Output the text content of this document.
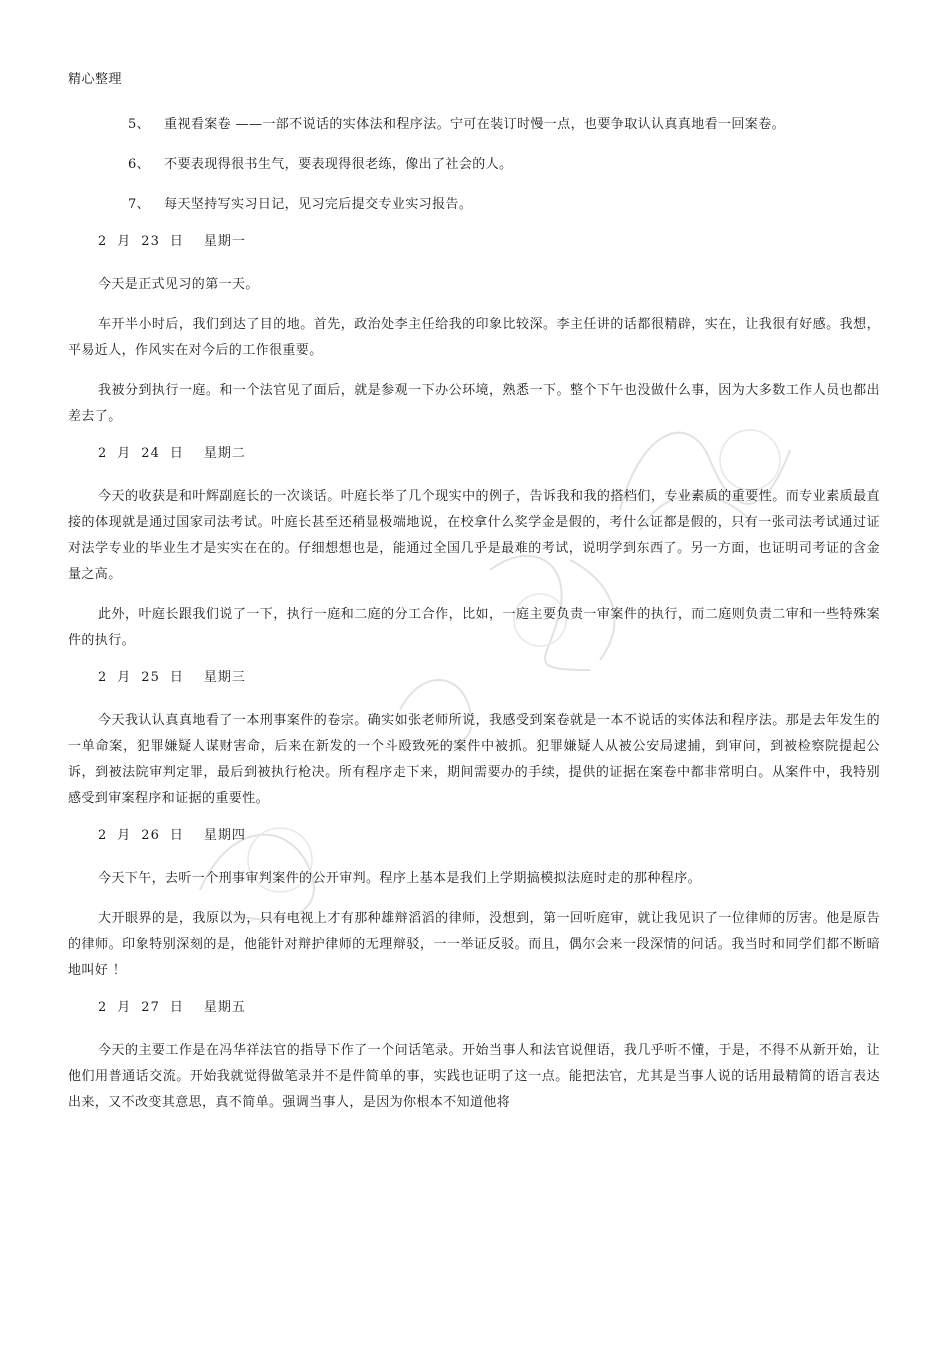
精心整理

5、 重视看案卷 ——一部不说话的实体法和程序法。宁可在装订时慢一点，也要争取认认真真地看一回案卷。

6、 不要表现得很书生气，要表现得很老练，像出了社会的人。

7、 每天坚持写实习日记，见习完后提交专业实习报告。

2 月 23 日 星期一

今天是正式见习的第一天。

车开半小时后，我们到达了目的地。首先，政治处李主任给我的印象比较深。李主任讲的话都很精辟，实在，让我很有好感。我想，平易近人，作风实在对今后的工作很重要。

我被分到执行一庭。和一个法官见了面后，就是参观一下办公环境，熟悉一下。整个下午也没做什么事，因为大多数工作人员也都出差去了。

2 月 24 日 星期二

今天的收获是和叶辉副庭长的一次谈话。叶庭长举了几个现实中的例子，告诉我和我的搭档们，专业素质的重要性。而专业素质最直接的体现就是通过国家司法考试。叶庭长甚至还稍显极端地说，在校拿什么奖学金是假的，考什么证都是假的，只有一张司法考试通过证对法学专业的毕业生才是实实在在的。仔细想想也是，能通过全国几乎是最难的考试，说明学到东西了。另一方面，也证明司考证的含金量之高。

此外，叶庭长跟我们说了一下，执行一庭和二庭的分工合作，比如，一庭主要负责一审案件的执行，而二庭则负责二审和一些特殊案件的执行。

2 月 25 日 星期三

今天我认认真真地看了一本刑事案件的卷宗。确实如张老师所说，我感受到案卷就是一本不说话的实体法和程序法。那是去年发生的一单命案，犯罪嫌疑人谋财害命，后来在新发的一个斗殴致死的案件中被抓。犯罪嫌疑人从被公安局逮捕，到审问，到被检察院提起公诉，到被法院审判定罪，最后到被执行枪决。所有程序走下来，期间需要办的手续，提供的证据在案卷中都非常明白。从案件中，我特别感受到审案程序和证据的重要性。

2 月 26 日 星期四

今天下午，去听一个刑事审判案件的公开审判。程序上基本是我们上学期搞模拟法庭时走的那种程序。

大开眼界的是，我原以为，只有电视上才有那种雄辩滔滔的律师，没想到，第一回听庭审，就让我见识了一位律师的厉害。他是原告的律师。印象特别深刻的是，他能针对辩护律师的无理辩驳，一一举证反驳。而且，偶尔会来一段深情的问话。我当时和同学们都不断暗地叫好 ！

2 月 27 日 星期五

今天的主要工作是在冯华祥法官的指导下作了一个问话笔录。开始当事人和法官说俚语，我几乎听不懂，于是，不得不从新开始，让他们用普通话交流。开始我就觉得做笔录并不是件简单的事，实践也证明了这一点。能把法官，尤其是当事人说的话用最精简的语言表达出来，又不改变其意思，真不简单。强调当事人，是因为你根本不知道他将
